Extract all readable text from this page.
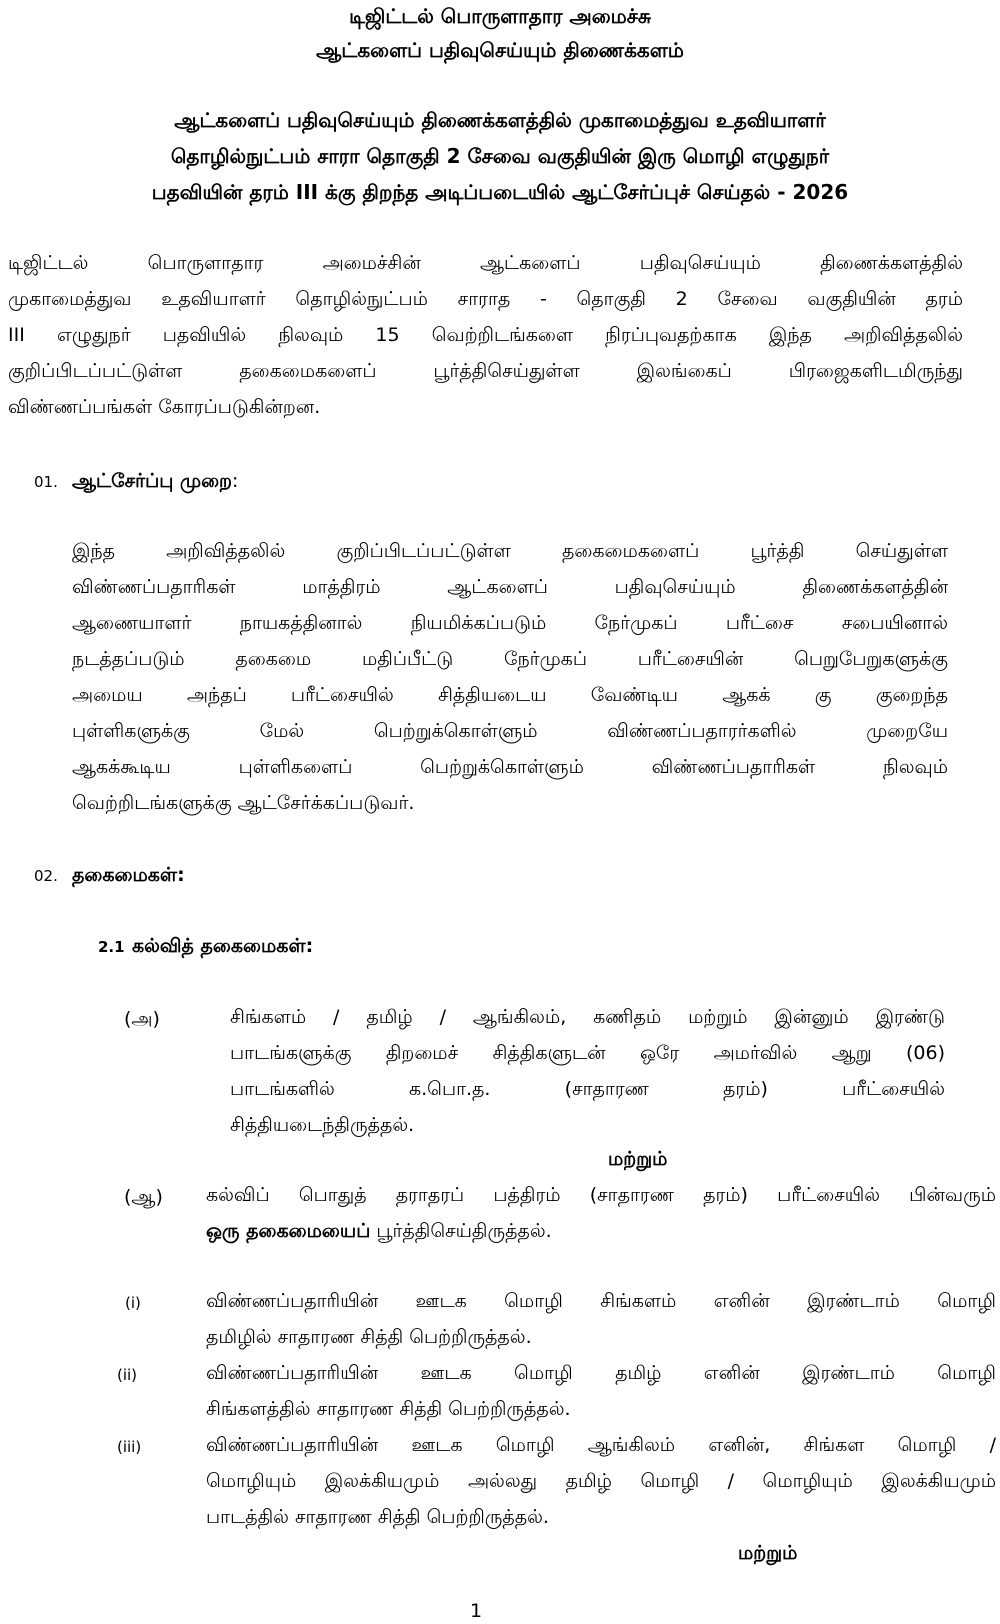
டிஜிட்டல் பொருளாதார அமைச்சு
ஆட்களைப் பதிவுசெய்யும் திணைக்களம்
ஆட்களைப் பதிவுசெய்யும் திணைக்களத்தில் முகாமைத்துவ உதவியாளர்
தொழில்நுட்பம் சாரா தொகுதி 2 சேவை வகுதியின் இரு மொழி எழுதுநர்
பதவியின் தரம் III க்கு திறந்த அடிப்படையில் ஆட்சேர்ப்புச் செய்தல் - 2026
டிஜிட்டல் பொருளாதார அமைச்சின் ஆட்களைப் பதிவுசெய்யும் திணைக்களத்தில்
முகாமைத்துவ உதவியாளர் தொழில்நுட்பம் சாராத - தொகுதி 2 சேவை வகுதியின் தரம்
III எழுதுநர் பதவியில் நிலவும் 15 வெற்றிடங்களை நிரப்புவதற்காக இந்த அறிவித்தலில்
குறிப்பிடப்பட்டுள்ள தகைமைகளைப் பூர்த்திசெய்துள்ள இலங்கைப் பிரஜைகளிடமிருந்து
விண்ணப்பங்கள் கோரப்படுகின்றன.
01. ஆட்சேர்ப்பு முறை:
இந்த அறிவித்தலில் குறிப்பிடப்பட்டுள்ள தகைமைகளைப் பூர்த்தி செய்துள்ள
விண்ணப்பதாரிகள் மாத்திரம் ஆட்களைப் பதிவுசெய்யும் திணைக்களத்தின்
ஆணையாளர் நாயகத்தினால் நியமிக்கப்படும் நேர்முகப் பரீட்சை சபையினால்
நடத்தப்படும் தகைமை மதிப்பீட்டு நேர்முகப் பரீட்சையின் பெறுபேறுகளுக்கு
அமைய அந்தப் பரீட்சையில் சித்தியடைய வேண்டிய ஆகக் கு குறைந்த
புள்ளிகளுக்கு மேல் பெற்றுக்கொள்ளும் விண்ணப்பதாரர்களில் முறையே
ஆகக்கூடிய புள்ளிகளைப் பெற்றுக்கொள்ளும் விண்ணப்பதாரிகள் நிலவும்
வெற்றிடங்களுக்கு ஆட்சேர்க்கப்படுவர்.
02. தகைமைகள்:
2.1 கல்வித் தகைமைகள்:
(அ)	சிங்களம் / தமிழ் / ஆங்கிலம், கணிதம் மற்றும் இன்னும் இரண்டு
பாடங்களுக்கு திறமைச் சித்திகளுடன் ஒரே அமர்வில் ஆறு (06)
பாடங்களில் க.பொ.த. (சாதாரண தரம்) பரீட்சையில்
சித்தியடைந்திருத்தல்.
மற்றும்
(ஆ) கல்விப் பொதுத் தராதரப் பத்திரம் (சாதாரண தரம்) பரீட்சையில் பின்வரும்
ஒரு தகைமையைப் பூர்த்திசெய்திருத்தல்.
(i)	விண்ணப்பதாரியின் ஊடக மொழி சிங்களம் எனின் இரண்டாம் மொழி
தமிழில் சாதாரண சித்தி பெற்றிருத்தல்.
(ii)	விண்ணப்பதாரியின் ஊடக மொழி தமிழ் எனின் இரண்டாம் மொழி
சிங்களத்தில் சாதாரண சித்தி பெற்றிருத்தல்.
(iii)	விண்ணப்பதாரியின் ஊடக மொழி ஆங்கிலம் எனின், சிங்கள மொழி /
மொழியும் இலக்கியமும் அல்லது தமிழ் மொழி / மொழியும் இலக்கியமும்
பாடத்தில் சாதாரண சித்தி பெற்றிருத்தல்.
மற்றும்
1
